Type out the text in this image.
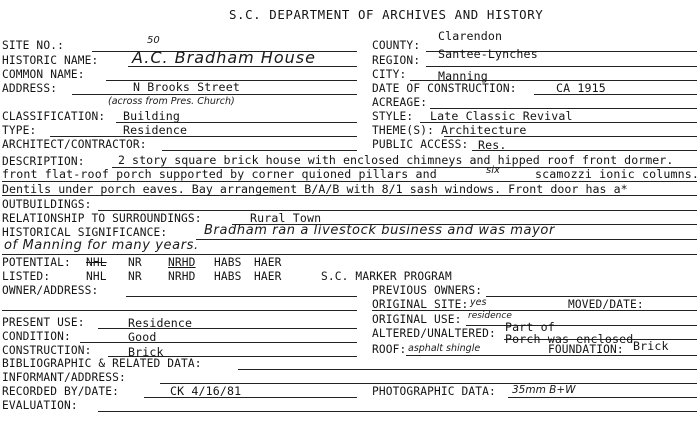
S.C. DEPARTMENT OF ARCHIVES AND HISTORY
SITE NO.:	50	COUNTY:
Clarendon
HISTORIC NAME: A.C. Bradham House	REGION: Santee-Lynches
COMMON NAME:	CITY:	Manning
ADDRESS:	N Brooks Street
(across from Pres. Church)
DATE OF CONSTRUCTION:	CA 1915
ACREAGE:
CLASSIFICATION: Building	STYLE: Late Classic Revival
TYPE:	Residence	THEME(S): Architecture
ARCHITECT/CONTRACTOR:	PUBLIC ACCESS: Res.
DESCRIPTION:	2 story square brick house with enclosed chimneys and hipped roof front dormer.
front flat-roof porch supported by corner quioned pillars and	six	scamozzi ionic columns.
Dentils under porch eaves. Bay arrangement B/A/B with 8/1 sash windows. Front door has a*
OUTBUILDINGS:
RELATIONSHIP TO SURROUNDINGS:	Rural Town
HISTORICAL SIGNIFICANCE:	Bradham ran a livestock business and was mayor
of Manning for many years.
POTENTIAL: NHL NR NRHD HABS HAER
LISTED:	NHL NR NRHD HABS HAER	S.C. MARKER PROGRAM
OWNER/ADDRESS:	PREVIOUS OWNERS:
ORIGINAL SITE: yes	MOVED/DATE:
PRESENT USE:	Residence	ORIGINAL USE: residence
CONDITION:	Good	ALTERED/UNALTERED: Part of
Porch was enclosed
CONSTRUCTION:	Brick	ROOF: asphalt shingle	FOUNDATION: Brick
BIBLIOGRAPHIC & RELATED DATA:
INFORMANT/ADDRESS:
RECORDED BY/DATE:	CK 4/16/81	PHOTOGRAPHIC DATA: 35mm B+W
EVALUATION:
